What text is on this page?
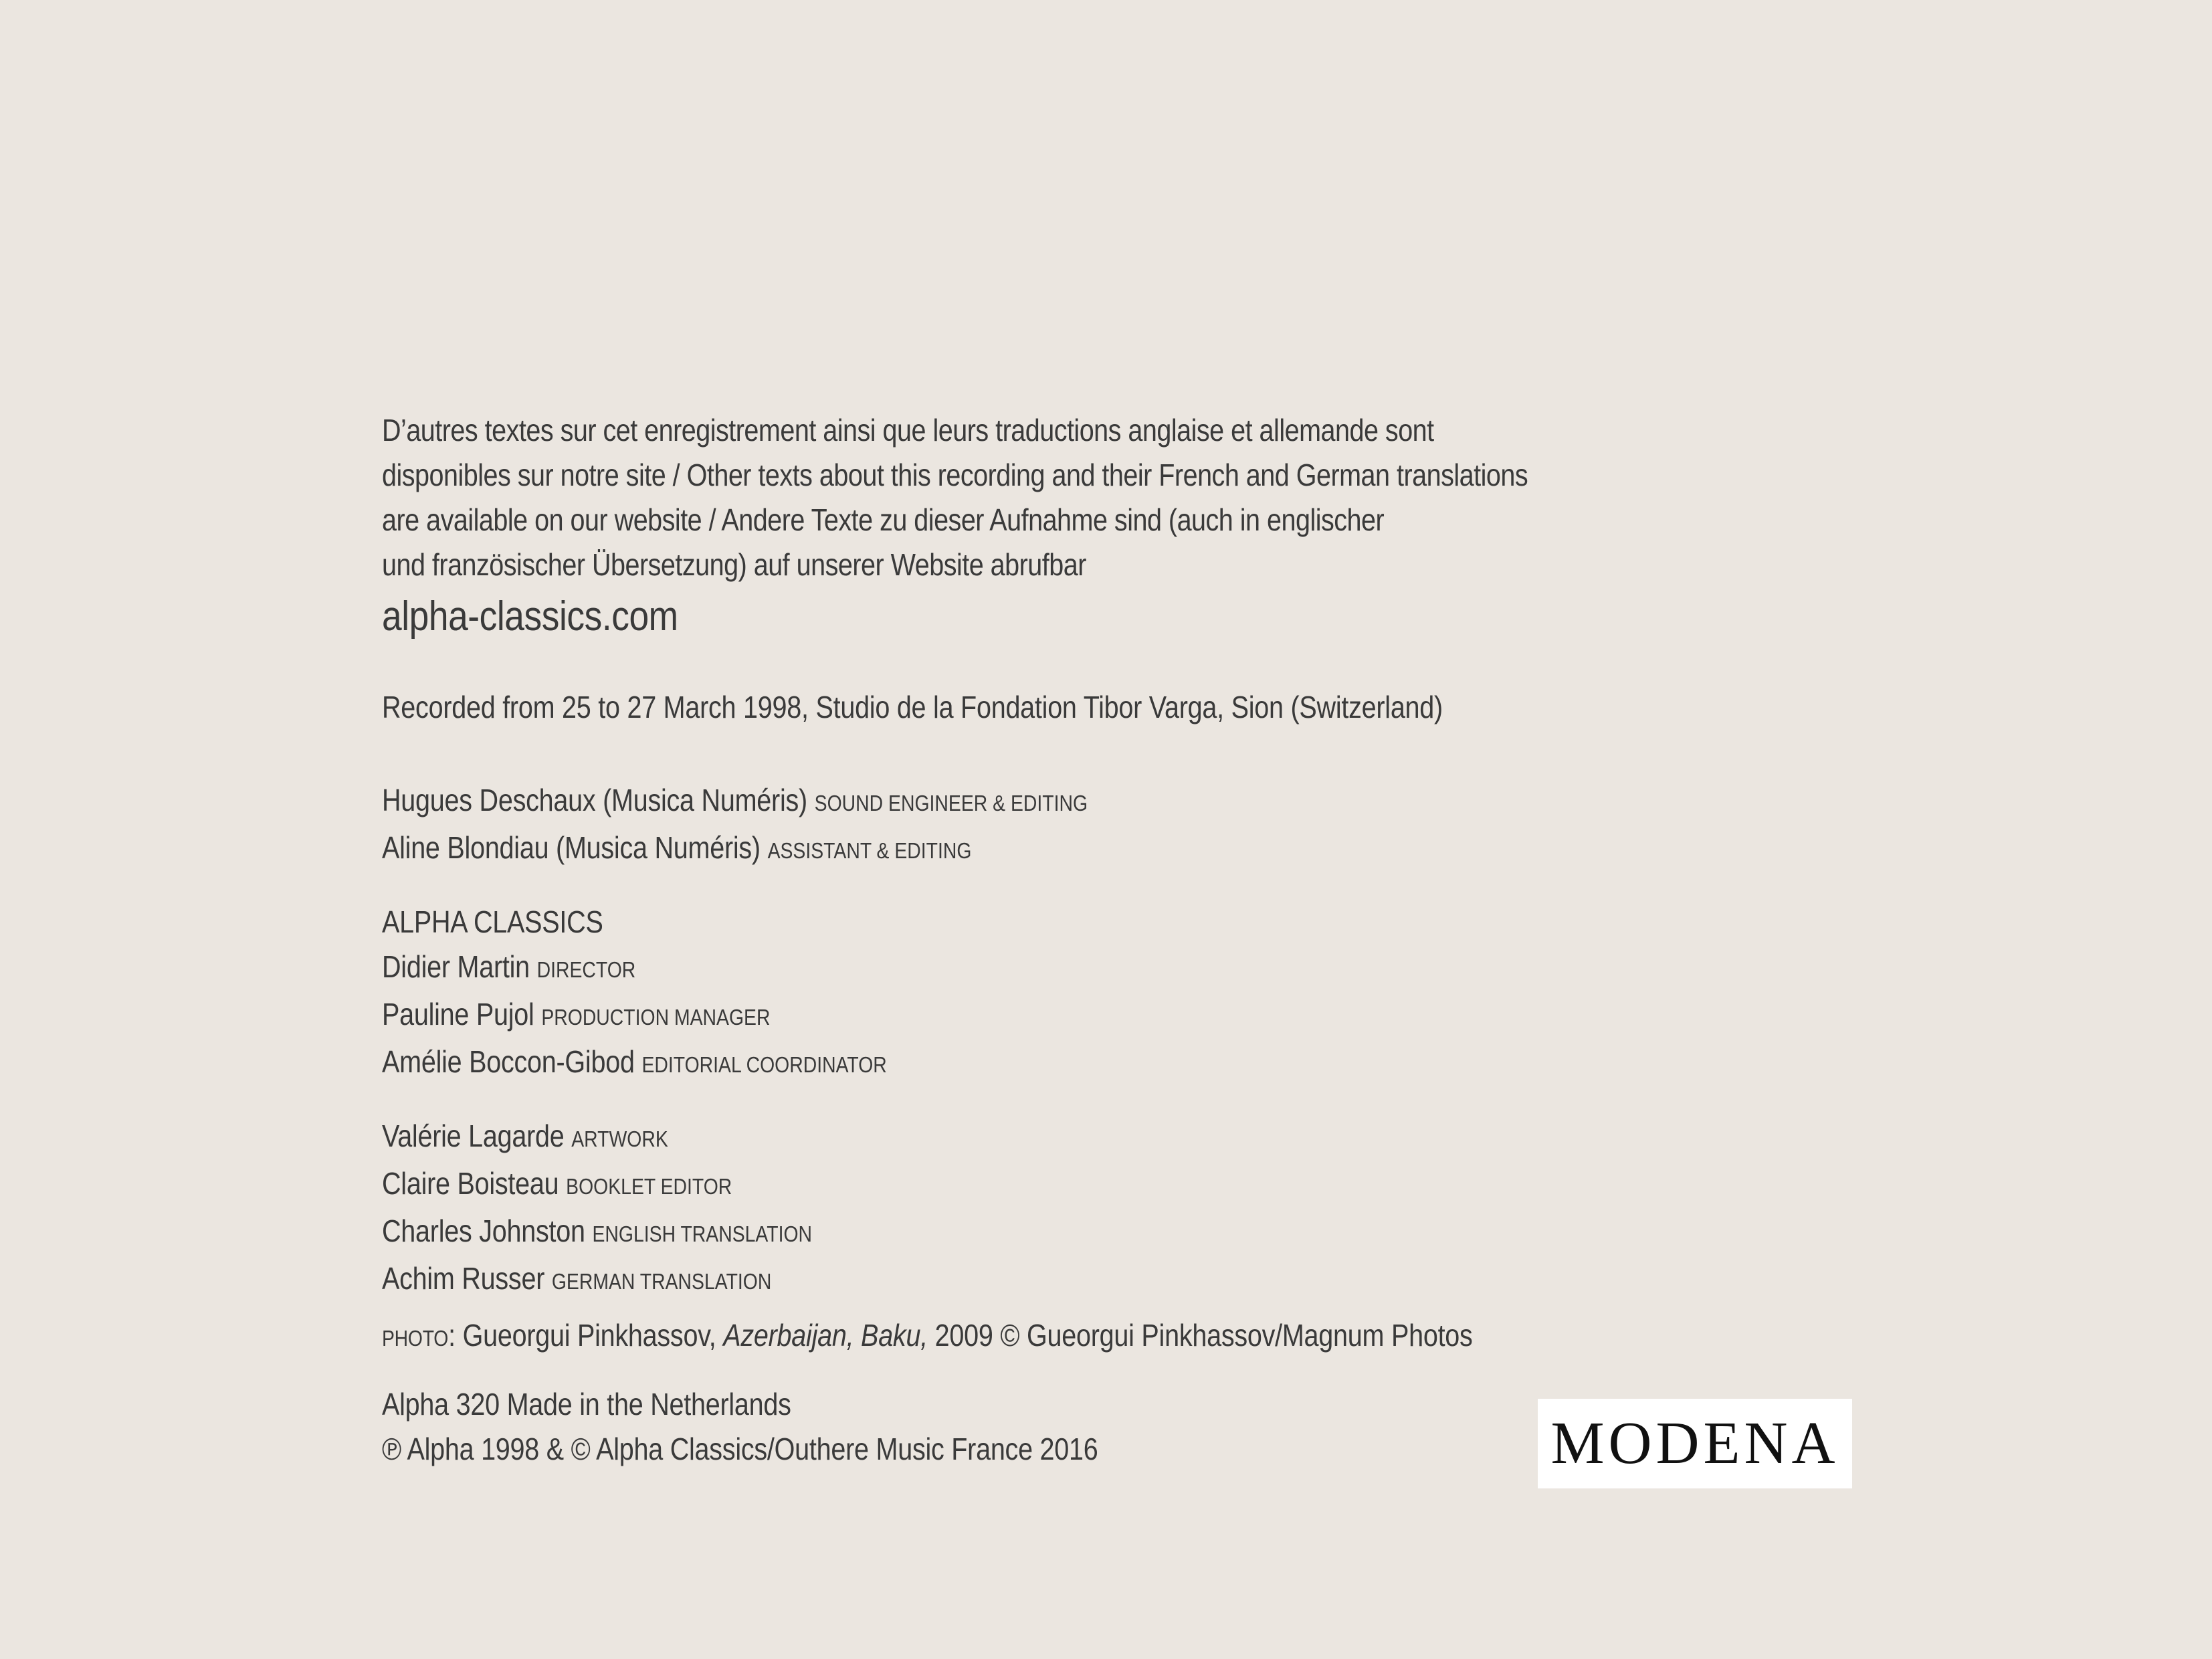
D’autres textes sur cet enregistrement ainsi que leurs traductions anglaise et allemande sont
disponibles sur notre site / Other texts about this recording and their French and German translations
are available on our website / Andere Texte zu dieser Aufnahme sind (auch in englischer
und französischer Übersetzung) auf unserer Website abrufbar
alpha-classics.com
Recorded from 25 to 27 March 1998, Studio de la Fondation Tibor Varga, Sion (Switzerland)
Hugues Deschaux (Musica Numéris) SOUND ENGINEER & EDITING
Aline Blondiau (Musica Numéris) ASSISTANT & EDITING
ALPHA CLASSICS
Didier Martin DIRECTOR
Pauline Pujol PRODUCTION MANAGER
Amélie Boccon-Gibod EDITORIAL COORDINATOR
Valérie Lagarde ARTWORK
Claire Boisteau BOOKLET EDITOR
Charles Johnston ENGLISH TRANSLATION
Achim Russer GERMAN TRANSLATION
PHOTO: Gueorgui Pinkhassov, Azerbaijan, Baku, 2009 © Gueorgui Pinkhassov/Magnum Photos
Alpha 320 Made in the Netherlands
℗ Alpha 1998 & © Alpha Classics/Outhere Music France 2016	MODENA
